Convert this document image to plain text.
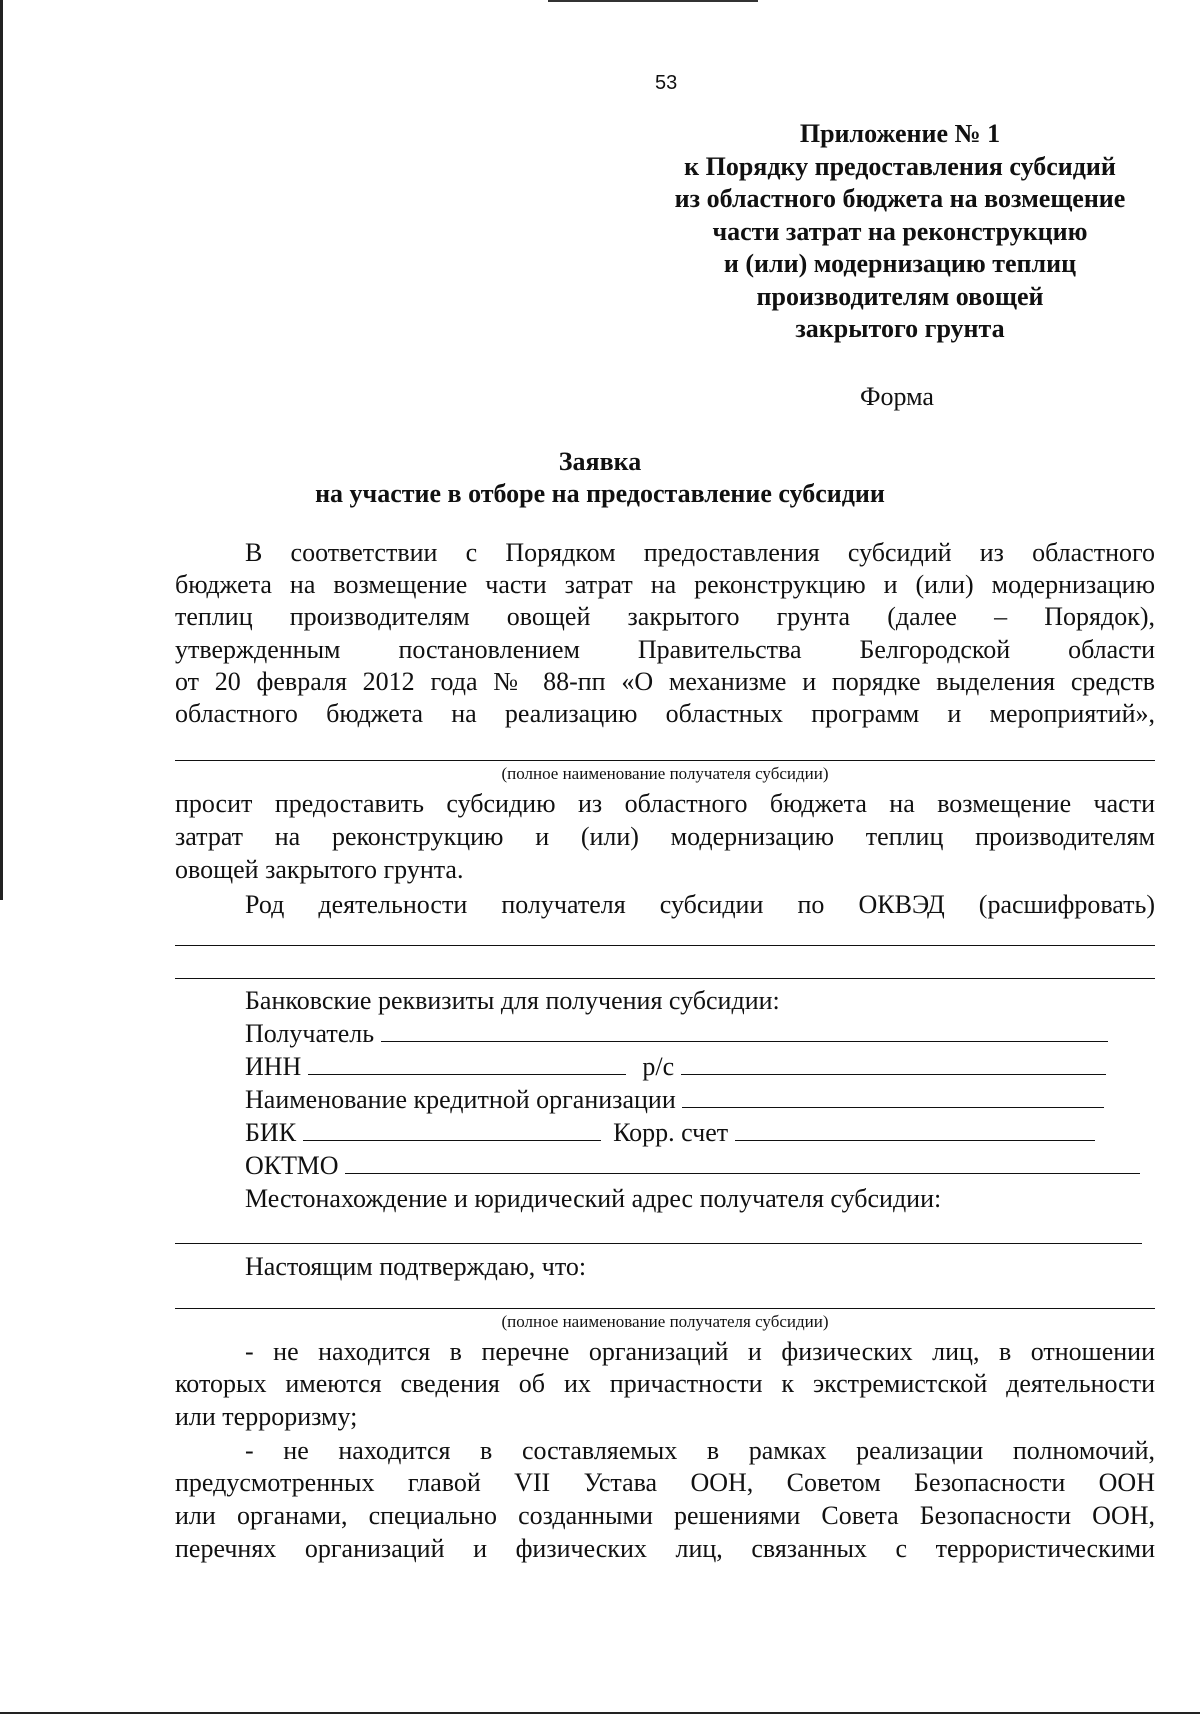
53
Приложение № 1
к Порядку предоставления субсидий
из областного бюджета на возмещение
части затрат на реконструкцию
и (или) модернизацию теплиц
производителям овощей
закрытого грунта
Форма
Заявка
на участие в отборе на предоставление субсидии
В соответствии с Порядком предоставления субсидий из областного
бюджета на возмещение части затрат на реконструкцию и (или) модернизацию
теплиц производителям овощей закрытого грунта (далее – Порядок),
утвержденным постановлением Правительства Белгородской области
от 20 февраля 2012 года № 88-пп «О механизме и порядке выделения средств
областного бюджета на реализацию областных программ и мероприятий»,
(полное наименование получателя субсидии)
просит предоставить субсидию из областного бюджета на возмещение части
затрат на реконструкцию и (или) модернизацию теплиц производителям
овощей закрытого грунта.
Род деятельности получателя субсидии по ОКВЭД (расшифровать)
Банковские реквизиты для получения субсидии:
Получатель
ИНН	р/с
Наименование кредитной организации
БИК	Корр. счет
ОКТМО
Местонахождение и юридический адрес получателя субсидии:
Настоящим подтверждаю, что:
(полное наименование получателя субсидии)
- не находится в перечне организаций и физических лиц, в отношении
которых имеются сведения об их причастности к экстремистской деятельности
или терроризму;
- не находится в составляемых в рамках реализации полномочий,
предусмотренных главой VII Устава ООН, Советом Безопасности ООН
или органами, специально созданными решениями Совета Безопасности ООН,
перечнях организаций и физических лиц, связанных с террористическими
